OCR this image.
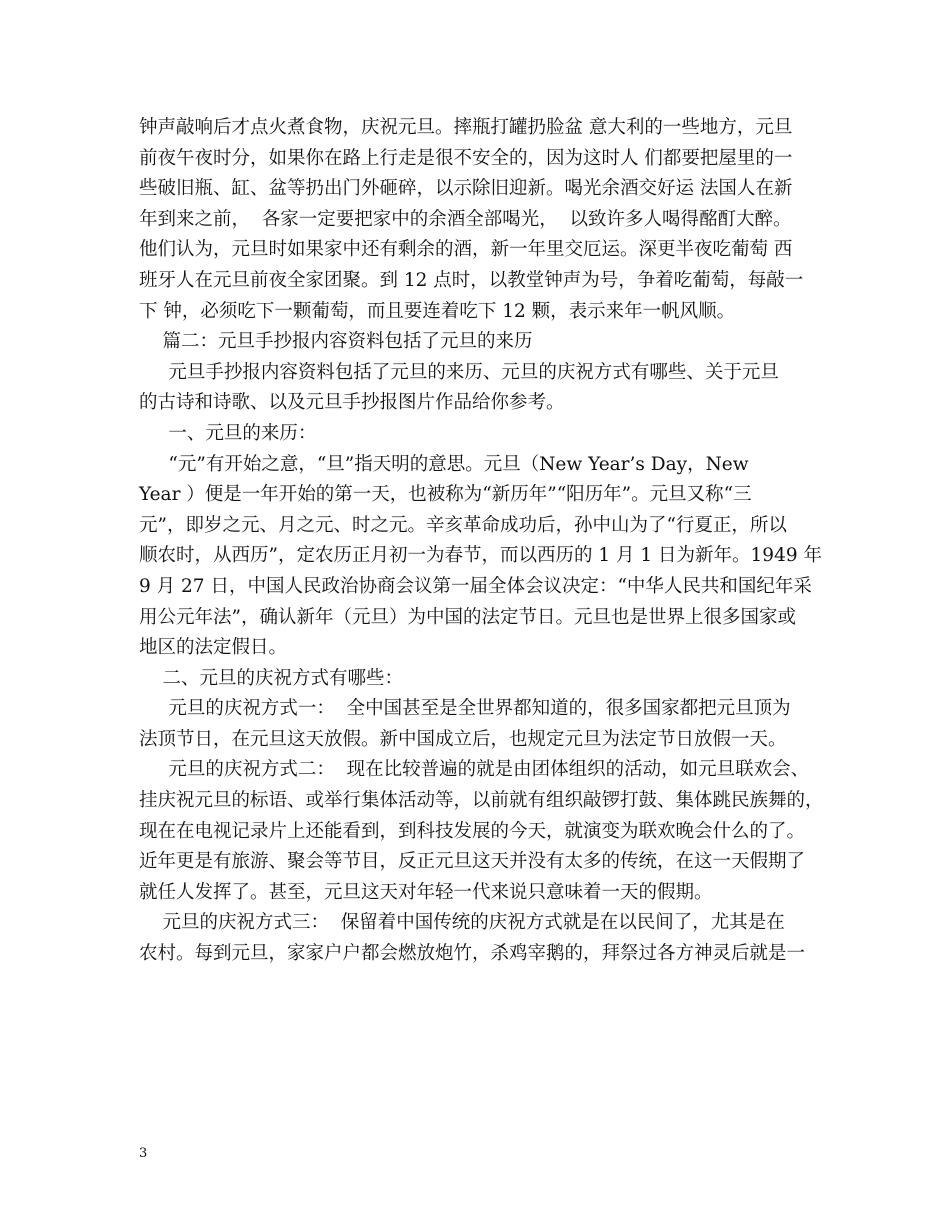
钟声敲响后才点火煮食物，庆祝元旦。摔瓶打罐扔脸盆 意大利的一些地方，元旦
前夜午夜时分，如果你在路上行走是很不安全的，因为这时人 们都要把屋里的一
些破旧瓶、缸、盆等扔出门外砸碎，以示除旧迎新。喝光余酒交好运 法国人在新
年到来之前，  各家一定要把家中的余酒全部喝光，  以致许多人喝得酩酊大醉。
他们认为，元旦时如果家中还有剩余的酒，新一年里交厄运。深更半夜吃葡萄 西
班牙人在元旦前夜全家团聚。到 12 点时，以教堂钟声为号，争着吃葡萄，每敲一
下 钟，必须吃下一颗葡萄，而且要连着吃下 12 颗，表示来年一帆风顺。
篇二：元旦手抄报内容资料包括了元旦的来历
元旦手抄报内容资料包括了元旦的来历、元旦的庆祝方式有哪些、关于元旦
的古诗和诗歌、以及元旦手抄报图片作品给你参考。
一、元旦的来历：
“元”有开始之意，“旦”指天明的意思。元旦（New Year’s Day，New
Year ）便是一年开始的第一天，也被称为“新历年”“阳历年”。元旦又称“三
元”，即岁之元、月之元、时之元。辛亥革命成功后，孙中山为了“行夏正，所以
顺农时，从西历”，定农历正月初一为春节，而以西历的 1 月 1 日为新年。1949 年
9 月 27 日，中国人民政治协商会议第一届全体会议决定：“中华人民共和国纪年采
用公元年法”，确认新年（元旦）为中国的法定节日。元旦也是世界上很多国家或
地区的法定假日。
二、元旦的庆祝方式有哪些：
元旦的庆祝方式一：  全中国甚至是全世界都知道的，很多国家都把元旦顶为
法顶节日，在元旦这天放假。新中国成立后，也规定元旦为法定节日放假一天。
元旦的庆祝方式二：  现在比较普遍的就是由团体组织的活动，如元旦联欢会、
挂庆祝元旦的标语、或举行集体活动等，以前就有组织敲锣打鼓、集体跳民族舞的，
现在在电视记录片上还能看到，到科技发展的今天，就演变为联欢晚会什么的了。
近年更是有旅游、聚会等节目，反正元旦这天并没有太多的传统，在这一天假期了
就任人发挥了。甚至，元旦这天对年轻一代来说只意味着一天的假期。
元旦的庆祝方式三：  保留着中国传统的庆祝方式就是在以民间了，尤其是在
农村。每到元旦，家家户户都会燃放炮竹，杀鸡宰鹅的，拜祭过各方神灵后就是一
3
